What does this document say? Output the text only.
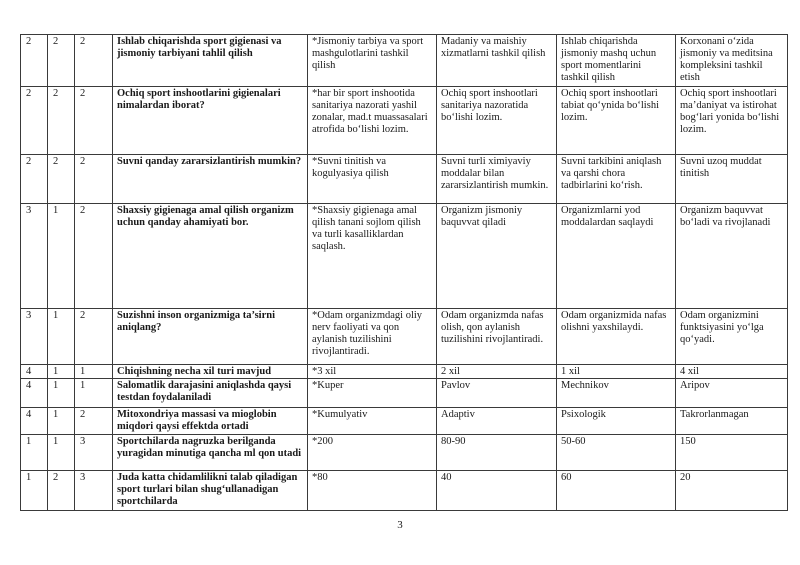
2	2	2	Ishlab chiqarishda sport gigienasi va jismoniy tarbiyani tahlil qilish	*Jismoniy tarbiya va sport mashgulotlarini tashkil qilish	Madaniy va maishiy xizmatlarni tashkil qilish	Ishlab chiqarishda jismoniy mashq uchun sport momentlarini tashkil qilish	Korxonani o‘zida jismoniy va meditsina kompleksini tashkil etish
2	2	2	Ochiq sport inshootlarini gigienalari nimalardan iborat?	*har bir sport inshootida sanitariya nazorati yashil zonalar, mad.t muassasalari atrofida bo‘lishi lozim.	Ochiq sport inshootlari sanitariya nazoratida bo‘lishi lozim.	Ochiq sport inshootlari tabiat qo‘ynida bo‘lishi lozim.	Ochiq sport inshootlari ma’daniyat va istirohat bog‘lari yonida bo‘lishi lozim.
2	2	2	Suvni qanday zararsizlantirish mumkin?	*Suvni tinitish va kogulyasiya qilish	Suvni turli ximiyaviy moddalar bilan zararsizlantirish mumkin.	Suvni tarkibini aniqlash va qarshi chora tadbirlarini ko‘rish.	Suvni uzoq muddat tinitish
3	1	2	Shaxsiy gigienaga amal qilish organizm uchun qanday ahamiyati bor.	*Shaxsiy gigienaga amal qilish tanani sojlom qilish va turli kasalliklardan saqlash.	Organizm jismoniy baquvvat qiladi	Organizmlarni yod moddalardan saqlaydi	Organizm baquvvat bo‘ladi va rivojlanadi
3	1	2	Suzishni inson organizmiga ta’sirni aniqlang?	*Odam organizmdagi oliy nerv faoliyati va qon aylanish tuzilishini rivojlantiradi.	Odam organizmda nafas olish, qon aylanish tuzilishini rivojlantiradi.	Odam organizmida nafas olishni yaxshilaydi.	Odam organizmini funktsiyasini yo‘lga qo‘yadi.
4	1	1	Chiqishning necha xil turi mavjud	*3 xil	2 xil	1 xil	4 xil
4	1	1	Salomatlik darajasini aniqlashda qaysi testdan foydalaniladi	*Kuper	Pavlov	Mechnikov	Aripov
4	1	2	Mitoxondriya massasi va mioglobin miqdori qaysi effektda ortadi	*Kumulyativ	Adaptiv	Psixologik	Takrorlanmagan
1	1	3	Sportchilarda nagruzka berilganda yuragidan minutiga qancha ml qon utadi	*200	80-90	50-60	150
1	2	3	Juda katta chidamlilikni talab qiladigan sport turlari bilan shug‘ullanadigan sportchilarda	*80	40	60	20
3
